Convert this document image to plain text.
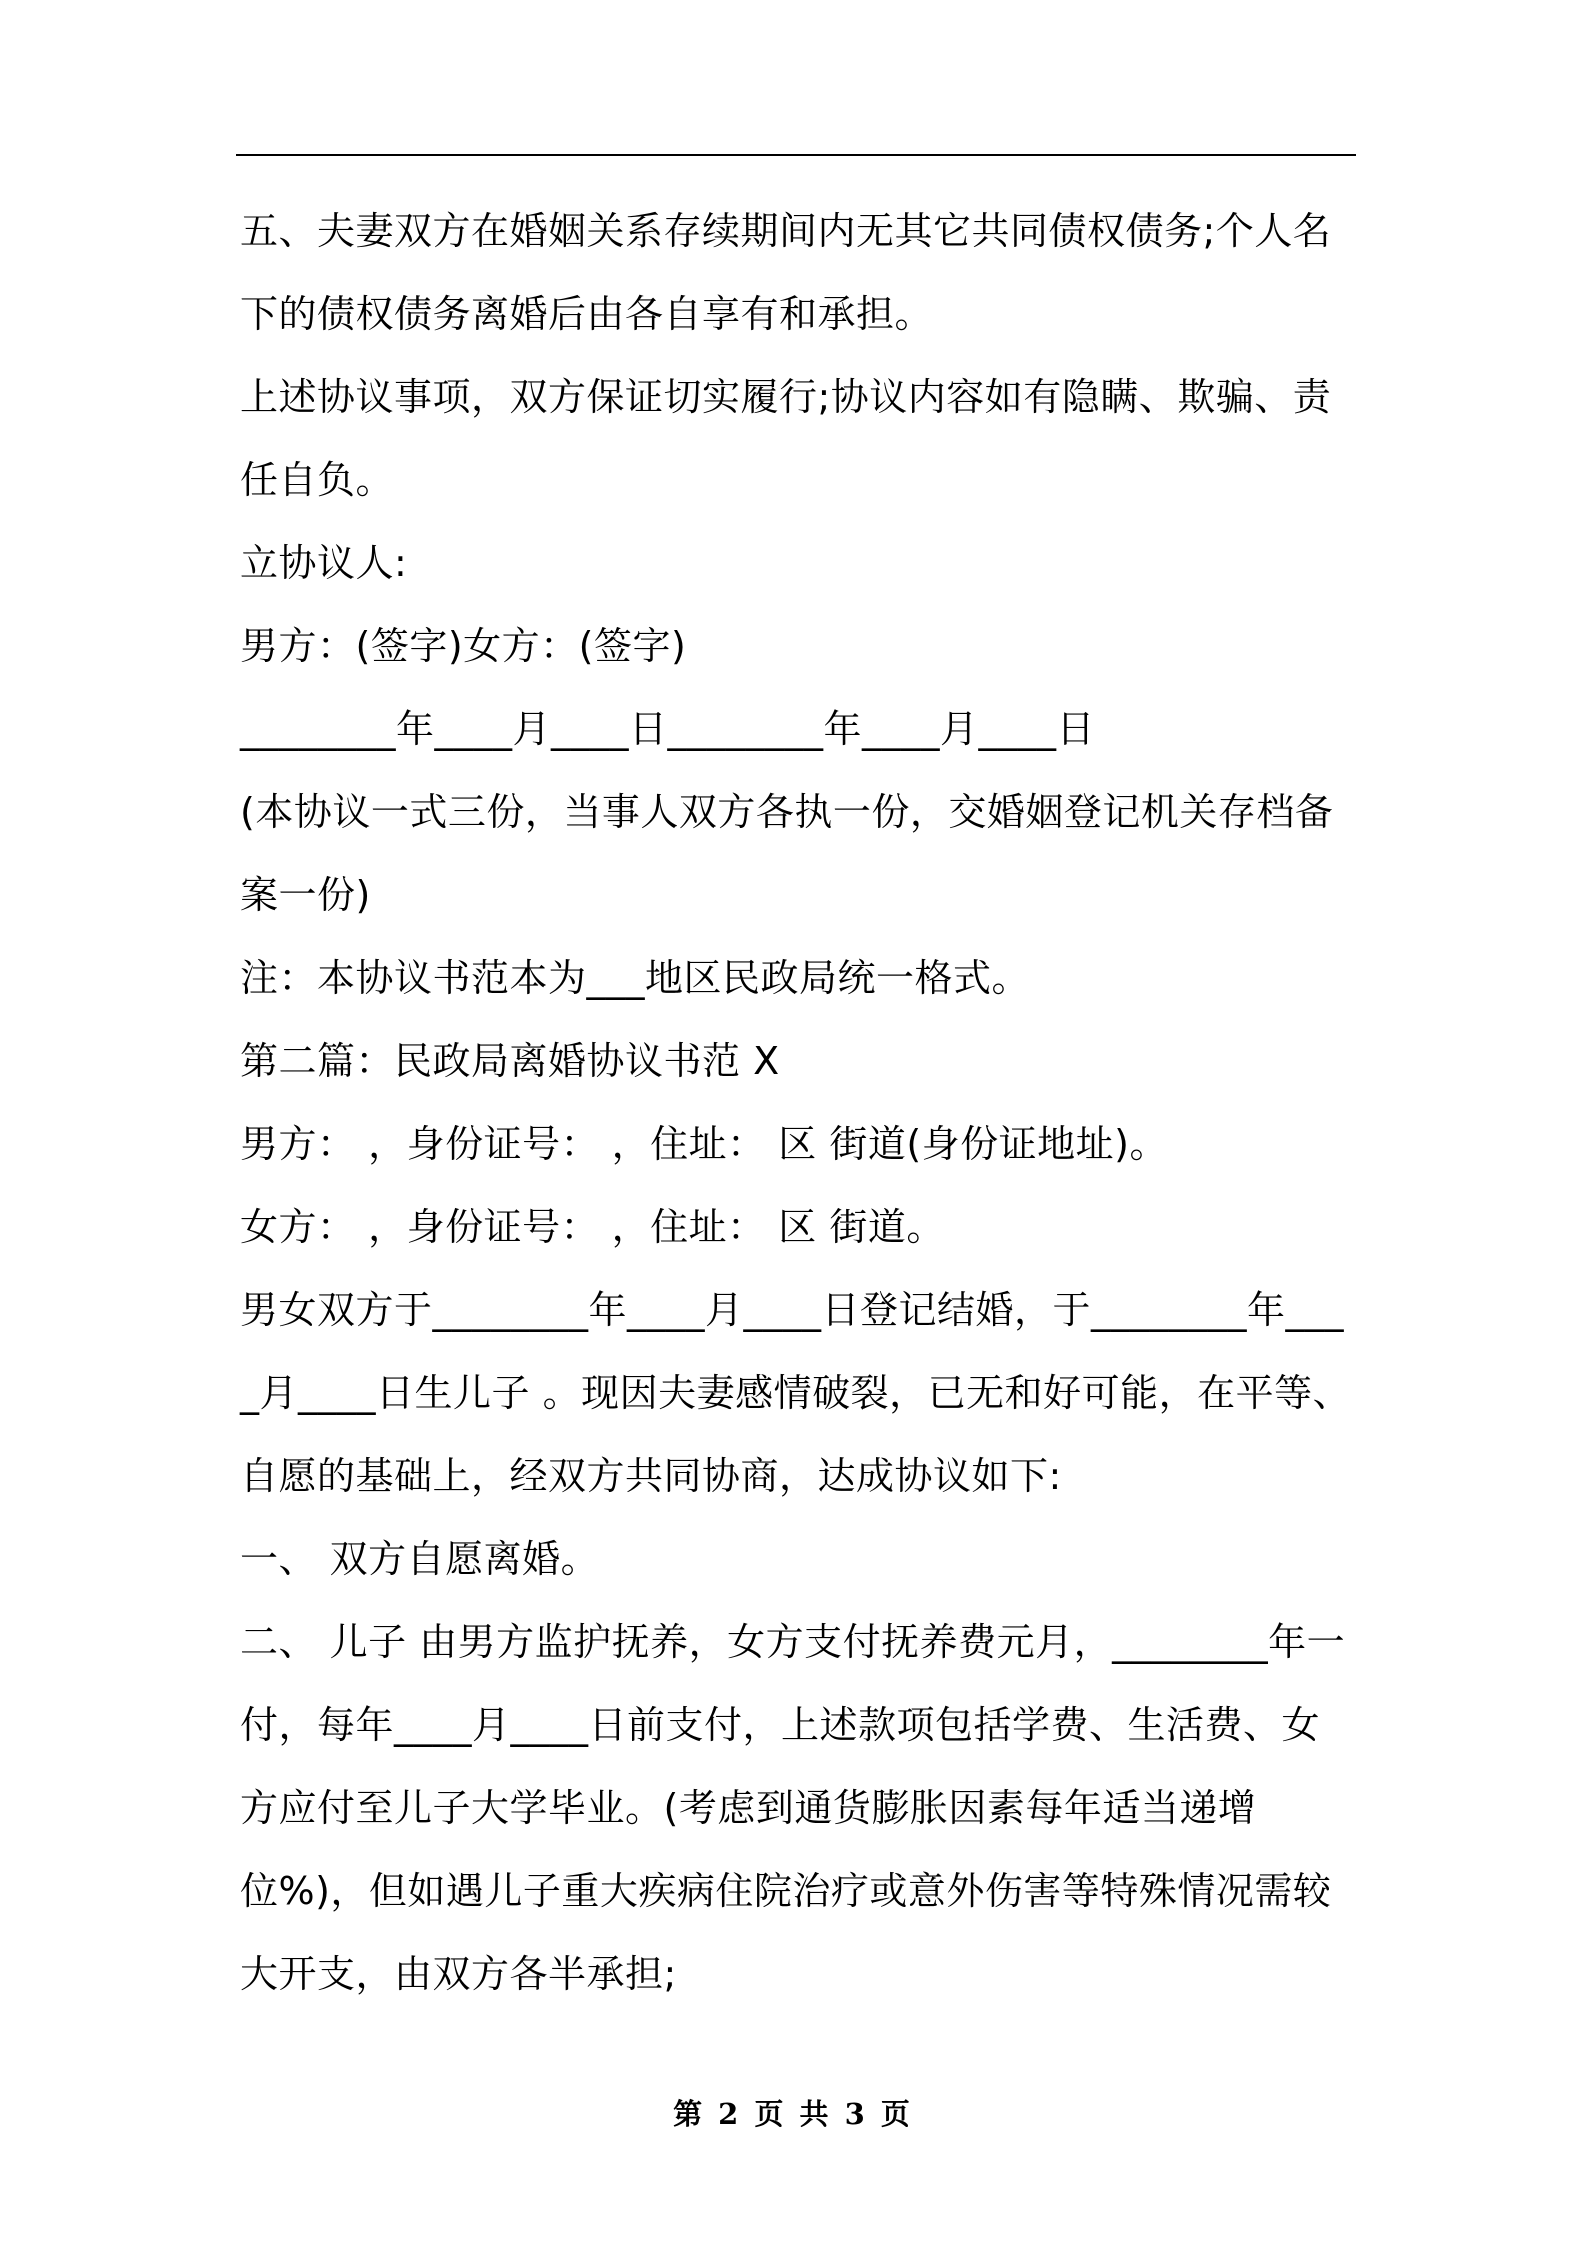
五、夫妻双方在婚姻关系存续期间内无其它共同债权债务;个人名下的债权债务离婚后由各自享有和承担。

上述协议事项，双方保证切实履行;协议内容如有隐瞒、欺骗、责任自负。

立协议人:

男方：(签字)女方：(签字)

________年____月____日________年____月____日

(本协议一式三份，当事人双方各执一份，交婚姻登记机关存档备案一份)

注：本协议书范本为___地区民政局统一格式。

第二篇：民政局离婚协议书范 X

男方： ，身份证号： ，住址： 区 街道(身份证地址)。

女方： ，身份证号： ，住址： 区 街道。

男女双方于________年____月____日登记结婚，于________年____月____日生儿子 。现因夫妻感情破裂，已无和好可能，在平等、自愿的基础上，经双方共同协商，达成协议如下:

一、 双方自愿离婚。

二、 儿子 由男方监护抚养，女方支付抚养费元月，________年一付，每年____月____日前支付，上述款项包括学费、生活费、女方应付至儿子大学毕业。(考虑到通货膨胀因素每年适当递增位%)，但如遇儿子重大疾病住院治疗或意外伤害等特殊情况需较大开支，由双方各半承担;

第 2 页 共 3 页
